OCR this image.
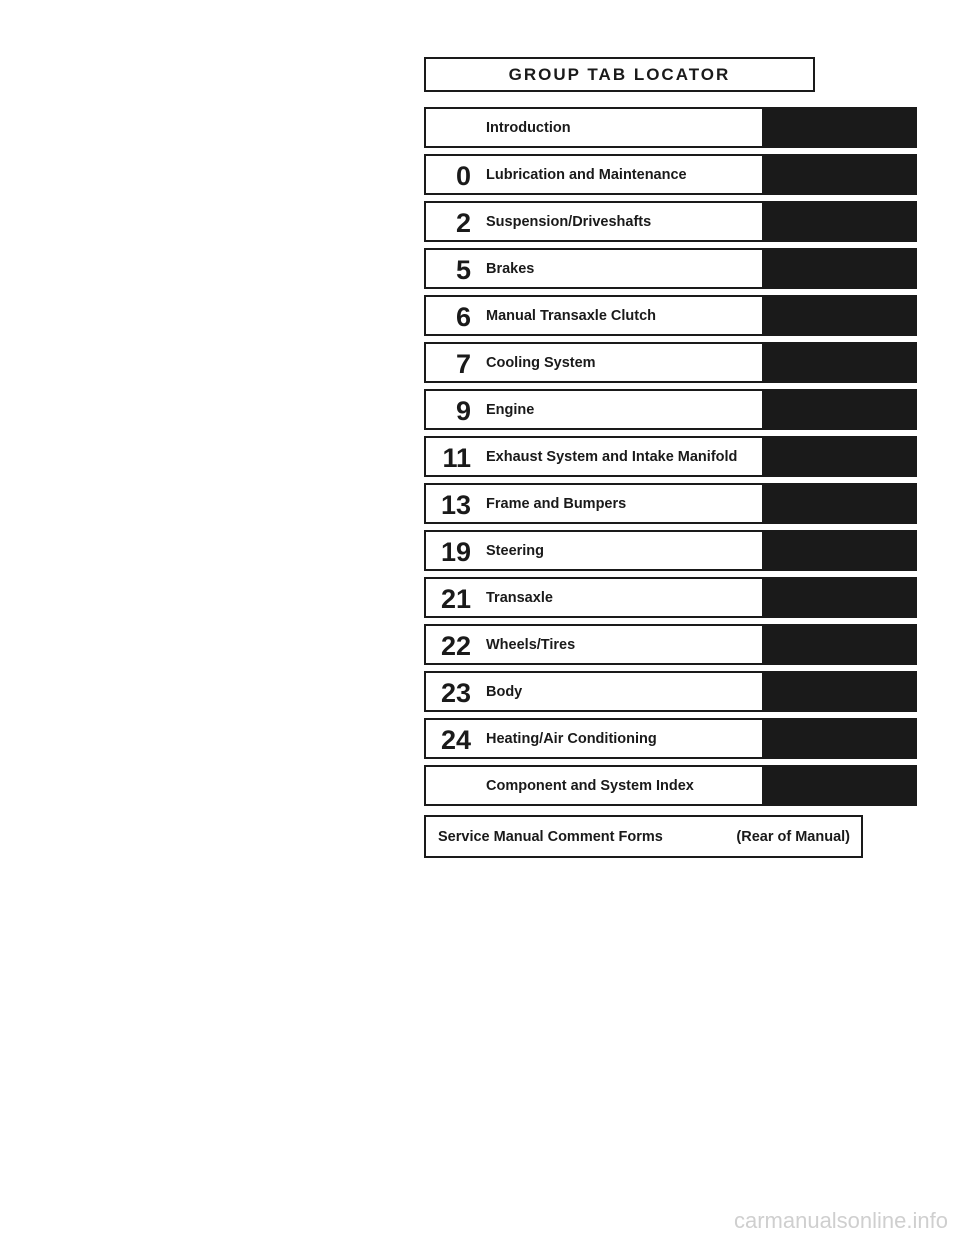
GROUP TAB LOCATOR
Introduction
0 Lubrication and Maintenance
2 Suspension/Driveshafts
5 Brakes
6 Manual Transaxle Clutch
7 Cooling System
9 Engine
11 Exhaust System and Intake Manifold
13 Frame and Bumpers
19 Steering
21 Transaxle
22 Wheels/Tires
23 Body
24 Heating/Air Conditioning
Component and System Index
Service Manual Comment Forms	(Rear of Manual)
carmanualsonline.info
